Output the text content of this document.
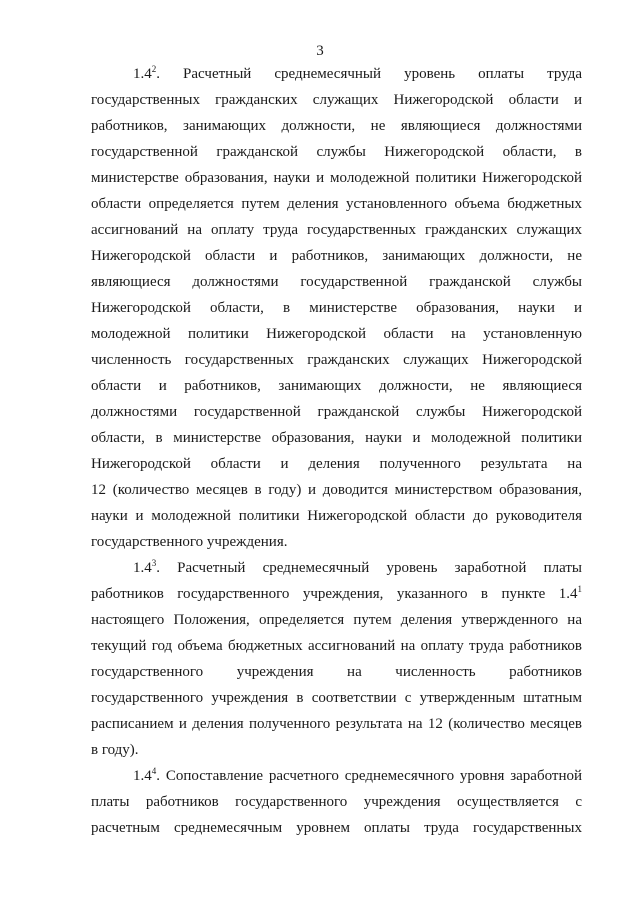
3
$1.4^2$. Расчетный среднемесячный уровень оплаты труда
государственных гражданских служащих Нижегородской области и
работников, занимающих должности, не являющиеся должностями
государственной гражданской службы Нижегородской области, в
министерстве образования, науки и молодежной политики Нижегородской
области определяется путем деления установленного объема бюджетных
ассигнований на оплату труда государственных гражданских служащих
Нижегородской области и работников, занимающих должности, не
являющиеся должностями государственной гражданской службы
Нижегородской области, в министерстве образования, науки и
молодежной политики Нижегородской области на установленную
численность государственных гражданских служащих Нижегородской
области и работников, занимающих должности, не являющиеся
должностями государственной гражданской службы Нижегородской
области, в министерстве образования, науки и молодежной политики
Нижегородской области и деления полученного результата на
12 (количество месяцев в году) и доводится министерством образования,
науки и молодежной политики Нижегородской области до руководителя
государственного учреждения.
$1.4^3$. Расчетный среднемесячный уровень заработной платы
работников государственного учреждения, указанного в пункте $1.4^1$
настоящего Положения, определяется путем деления утвержденного на
текущий год объема бюджетных ассигнований на оплату труда работников
государственного учреждения на численность работников
государственного учреждения в соответствии с утвержденным штатным
расписанием и деления полученного результата на 12 (количество месяцев
в году).
$1.4^4$. Сопоставление расчетного среднемесячного уровня заработной
платы работников государственного учреждения осуществляется с
расчетным среднемесячным уровнем оплаты труда государственных
